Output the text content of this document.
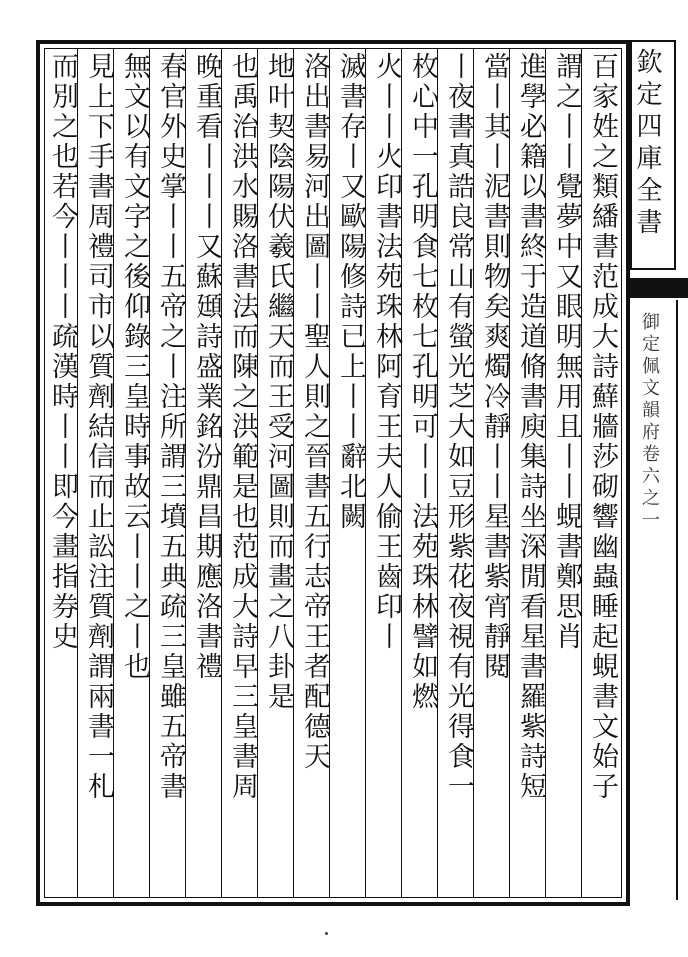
百家姓之類繙書范成大詩蘚牆莎砌響幽蟲睡起蜆書文始子
謂之丨丨覺夢中又眼明無用且丨丨蜆書鄭思肖
進學必籍以書終于造道脩書庾集詩坐深閒看星書羅紫詩短
當丨其丨泥書則物矣爽燭冷靜丨丨星書紫宵靜閱
丨夜書真誥良常山有螢光芝大如豆形紫花夜視有光得食一
枚心中一孔明食七枚七孔明可丨丨法苑珠林譬如燃
火丨丨火印書法苑珠林阿育王夫人偷王齒印丨
滅書存丨又歐陽修詩已上丨丨辭北闕
洛出書易河出圖丨丨聖人則之晉書五行志帝王者配德天
地叶契陰陽伏羲氏繼天而王受河圖則而畫之八卦是
也禹治洪水賜洛書法而陳之洪範是也范成大詩早三皇書周
晚重看丨丨丨又蘇頲詩盛業銘汾鼎昌期應洛書禮
春官外史掌丨丨五帝之丨注所謂三墳五典疏三皇雖五帝書
無文以有文字之後仰錄三皇時事故云丨丨之丨也
見上下手書周禮司市以質劑結信而止訟注質劑謂兩書一札
而別之也若今丨丨丨疏漢時丨丨即今畫指券史	欽定四庫全書
御定佩文韻府卷六之一
